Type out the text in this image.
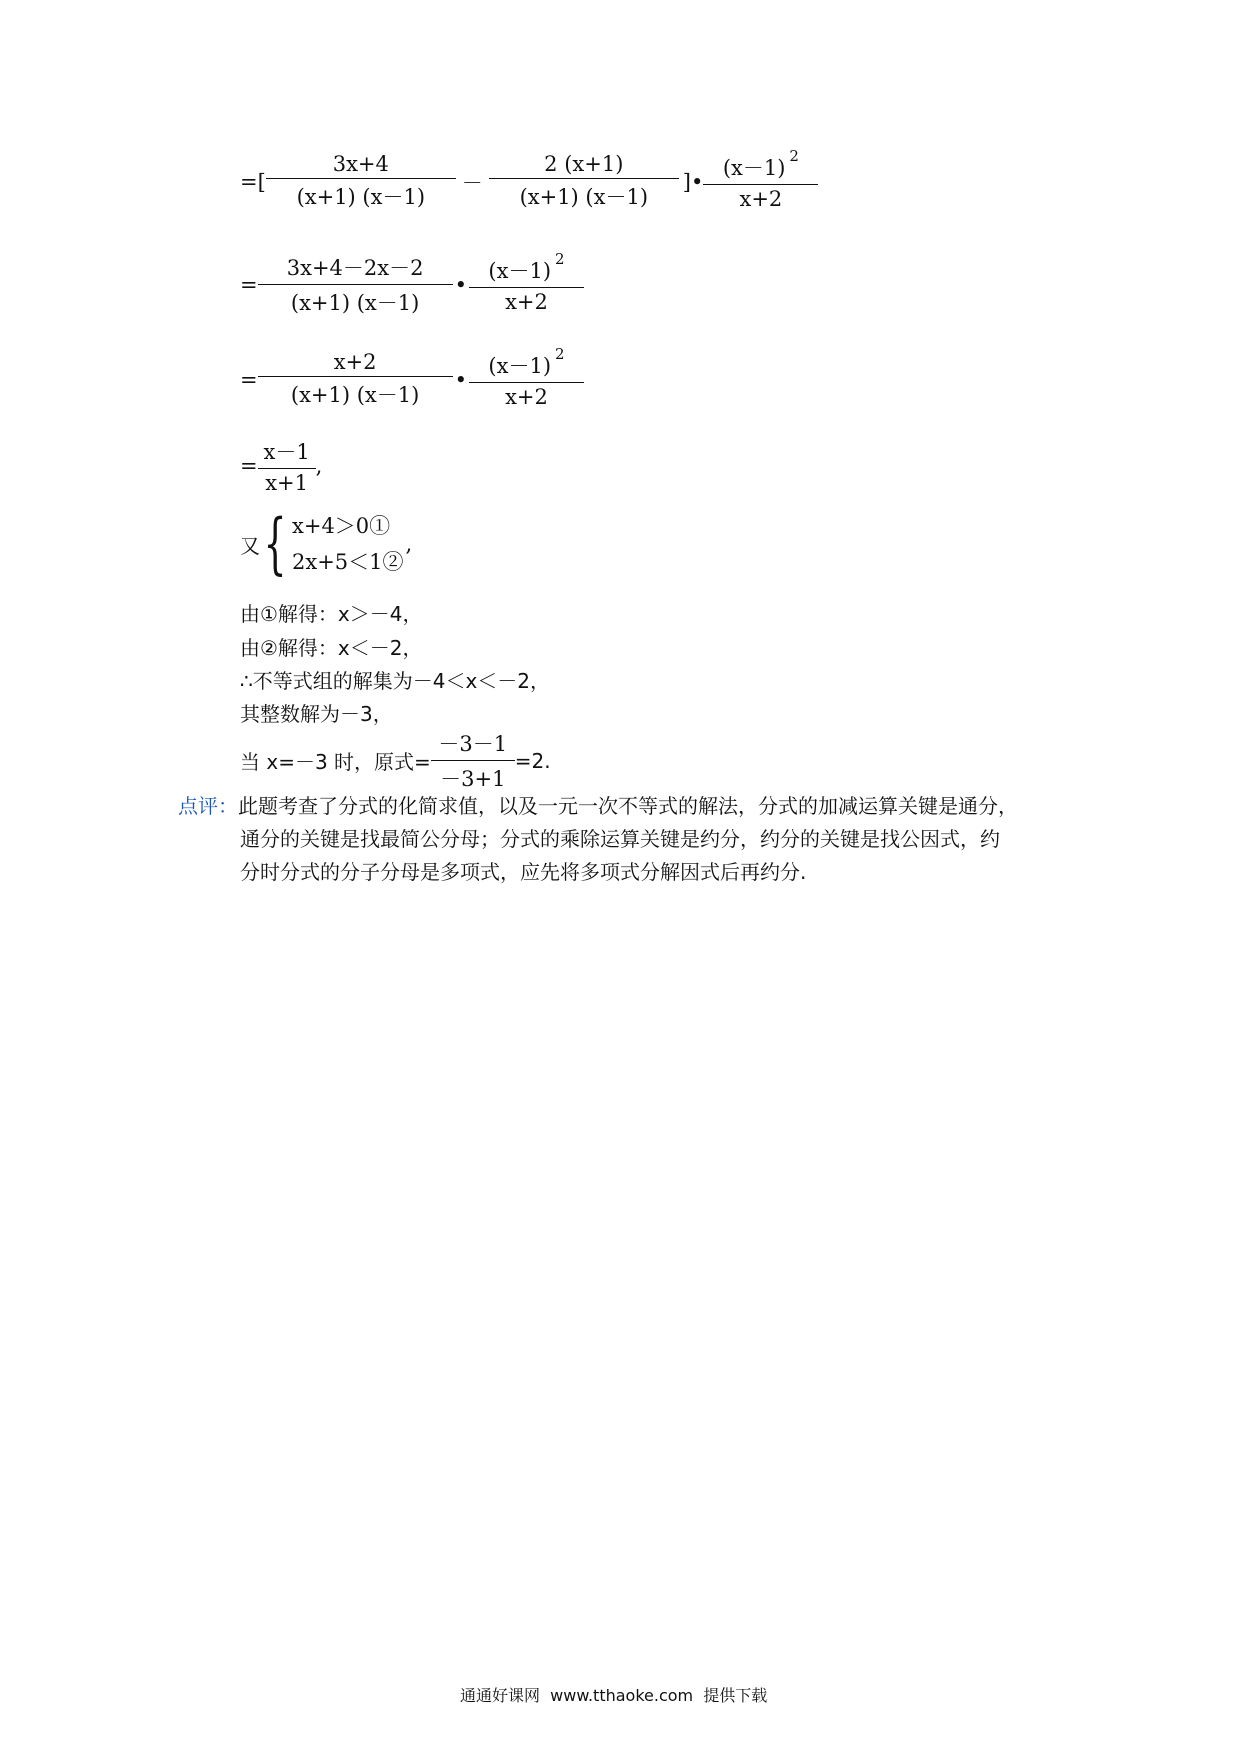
=[ $\frac{3x+4}{(x+1) (x-1)} - \frac{2 (x+1)}{(x+1) (x-1)}$ ]• $\frac{(x-1) ^2}{x+2}$
= $\frac{3x+4-2x-2}{(x+1) (x-1)}$ • $\frac{(x-1) ^2}{x+2}$
= $\frac{x+2}{(x+1) (x-1)}$ • $\frac{(x-1) ^2}{x+2}$
= $\frac{x-1}{x+1}$ ,
又 { x+4＞0①
2x+5＜1②
,
由①解得：x＞－4，
由②解得：x＜－2，
∴不等式组的解集为－4＜x＜－2，
其整数解为－3，
当 x=－3 时，原式= $\frac{-3-1}{-3+1} =2$.
点评：此题考查了分式的化简求值，以及一元一次不等式的解法，分式的加减运算关键是通分，
通分的关键是找最简公分母；分式的乘除运算关键是约分，约分的关键是找公因式，约
分时分式的分子分母是多项式，应先将多项式分解因式后再约分.
通通好课网  www.tthaoke.com  提供下载
